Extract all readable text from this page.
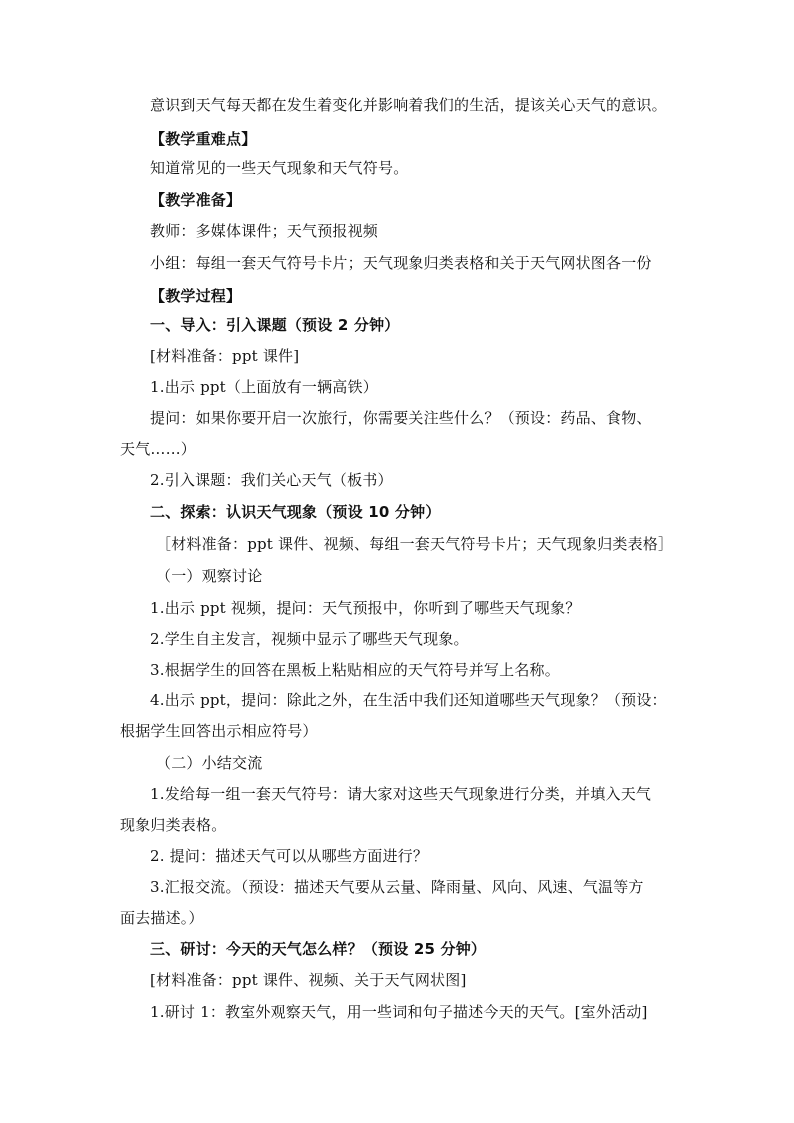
意识到天气每天都在发生着变化并影响着我们的生活，提该关心天气的意识。
【教学重难点】
知道常见的一些天气现象和天气符号。
【教学准备】
教师：多媒体课件；天气预报视频
小组：每组一套天气符号卡片；天气现象归类表格和关于天气网状图各一份
【教学过程】
一、导入：引入课题（预设 2 分钟）
[材料准备：ppt 课件]
1.出示 ppt（上面放有一辆高铁）
提问：如果你要开启一次旅行，你需要关注些什么？（预设：药品、食物、
天气……）
2.引入课题：我们关心天气（板书）
二、探索：认识天气现象（预设 10 分钟）
［材料准备：ppt 课件、视频、每组一套天气符号卡片；天气现象归类表格］
（一）观察讨论
1.出示 ppt 视频，提问：天气预报中，你听到了哪些天气现象？
2.学生自主发言，视频中显示了哪些天气现象。
3.根据学生的回答在黑板上粘贴相应的天气符号并写上名称。
4.出示 ppt，提问：除此之外，在生活中我们还知道哪些天气现象？（预设：
根据学生回答出示相应符号）
（二）小结交流
1.发给每一组一套天气符号：请大家对这些天气现象进行分类，并填入天气
现象归类表格。
2. 提问：描述天气可以从哪些方面进行？
3.汇报交流。（预设：描述天气要从云量、降雨量、风向、风速、气温等方
面去描述。）
三、研讨：今天的天气怎么样？（预设 25 分钟）
[材料准备：ppt 课件、视频、关于天气网状图]
1.研讨 1：教室外观察天气，用一些词和句子描述今天的天气。[室外活动]
